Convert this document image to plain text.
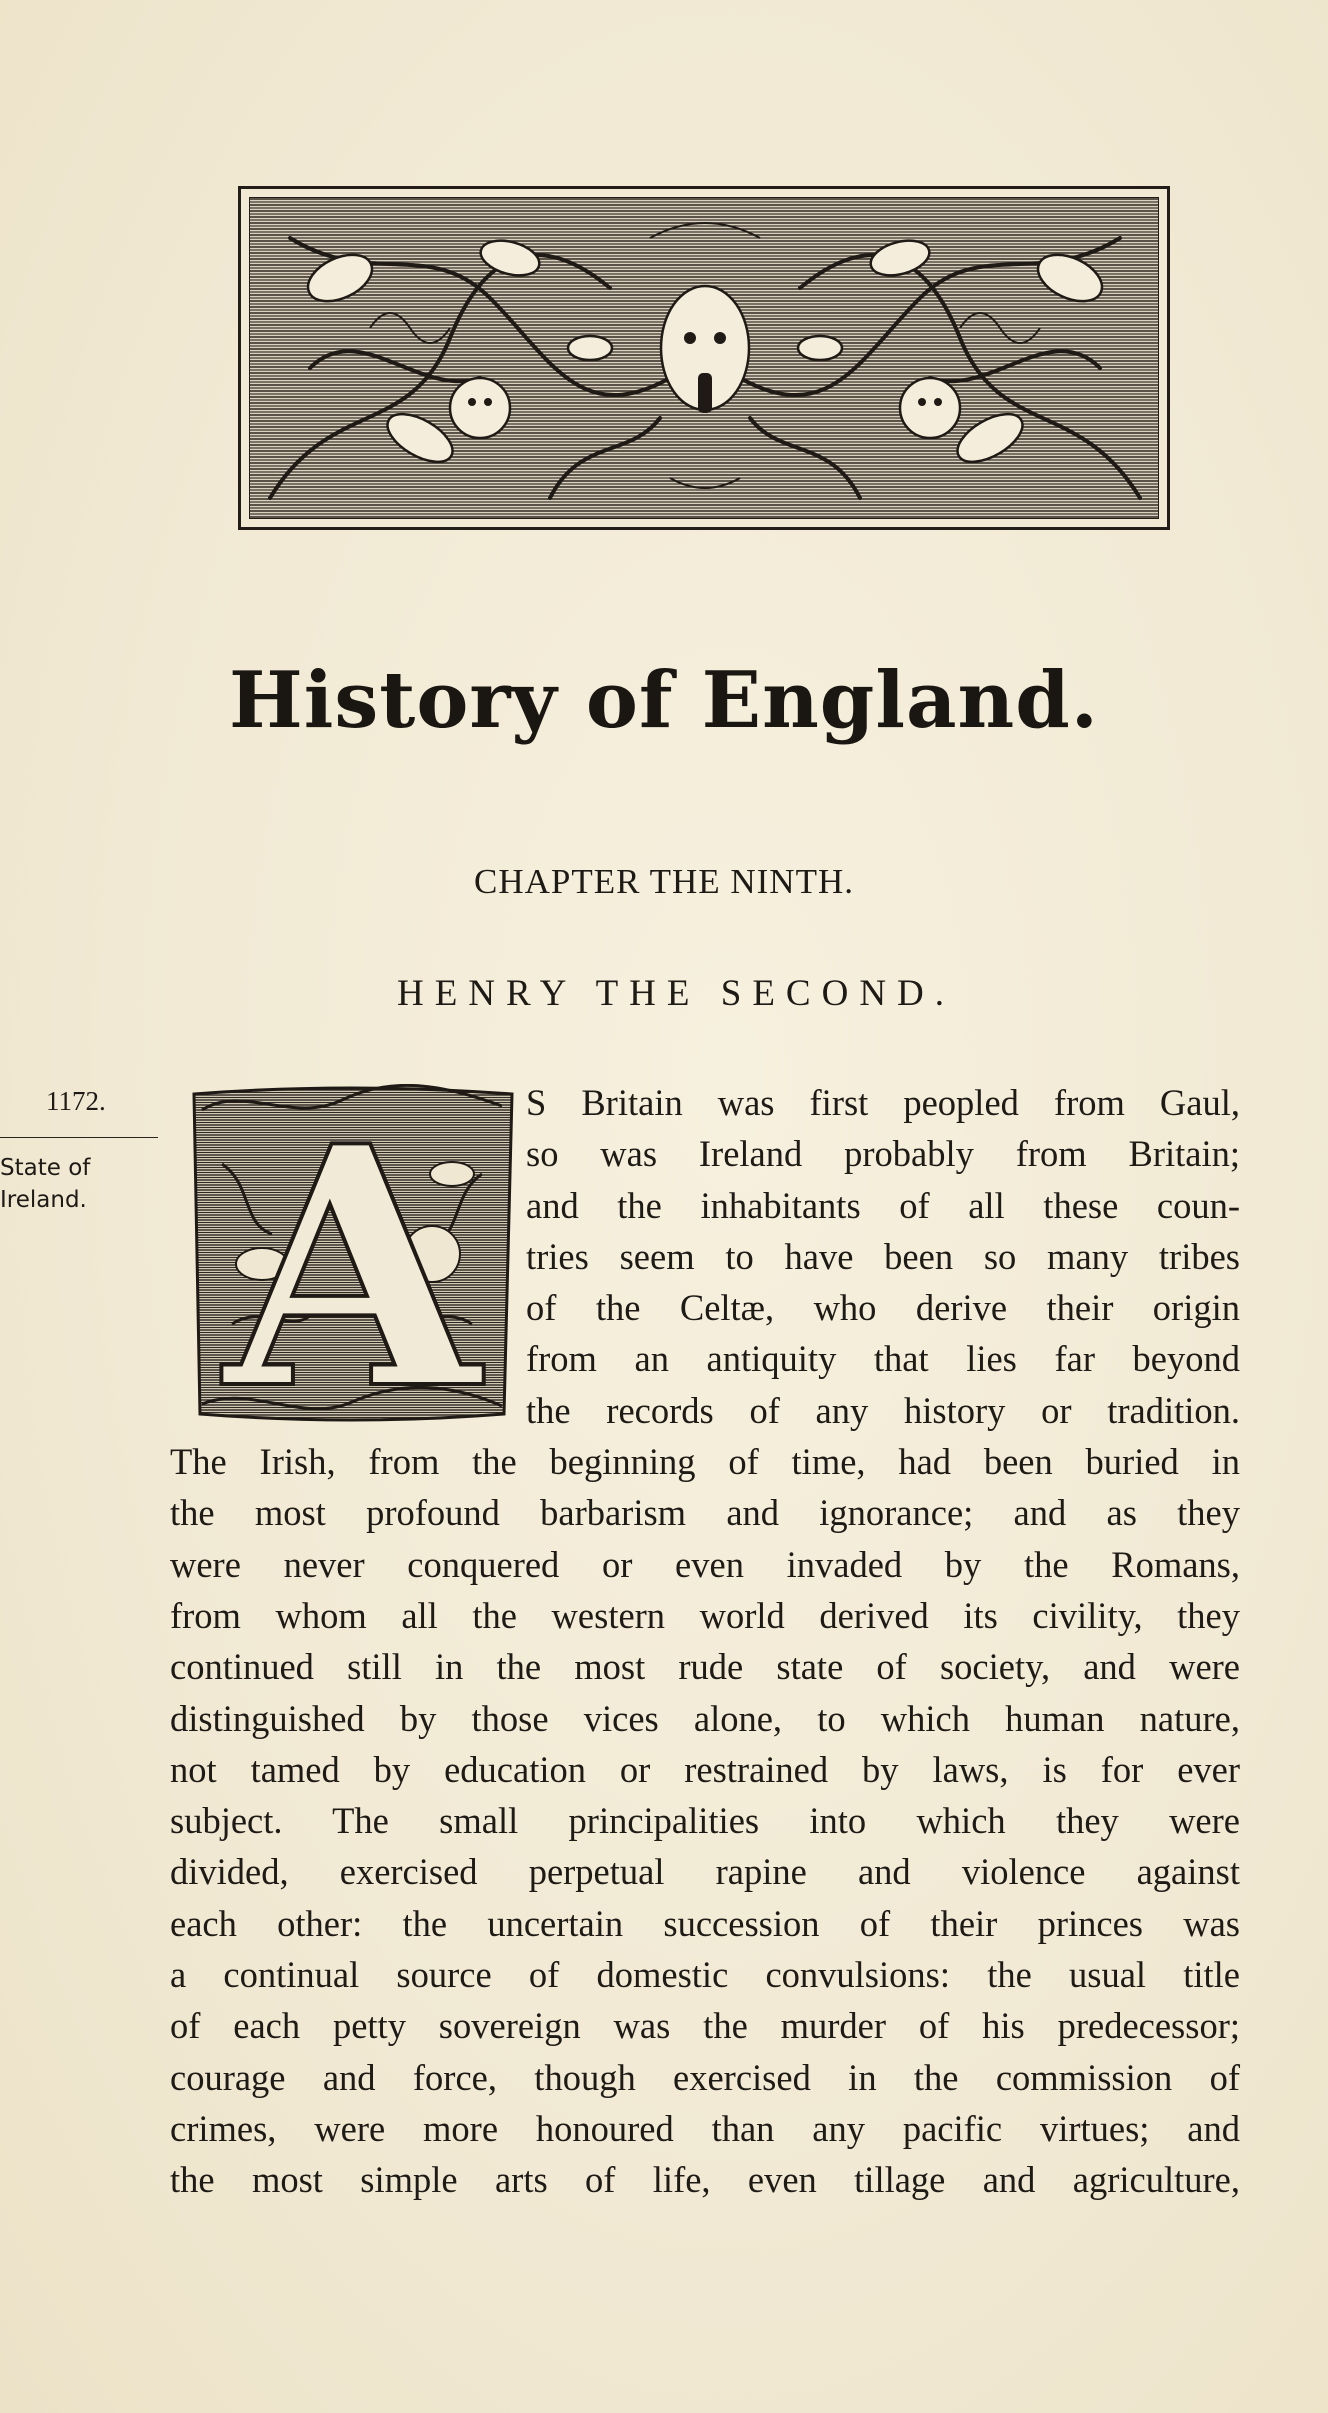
History of England.
CHAPTER THE NINTH.
HENRY THE SECOND.
1172.
State of
Ireland. A	S Britain was first peopled from Gaul,
so was Ireland probably from Britain;
and the inhabitants of all these coun-
tries seem to have been so many tribes
of the Celtæ, who derive their origin
from an antiquity that lies far beyond
the records of any history or tradition.
The Irish, from the beginning of time, had been buried in
the most profound barbarism and ignorance; and as they
were never conquered or even invaded by the Romans,
from whom all the western world derived its civility, they
continued still in the most rude state of society, and were
distinguished by those vices alone, to which human nature,
not tamed by education or restrained by laws, is for ever
subject. The small principalities into which they were
divided, exercised perpetual rapine and violence against
each other: the uncertain succession of their princes was
a continual source of domestic convulsions: the usual title
of each petty sovereign was the murder of his predecessor;
courage and force, though exercised in the commission of
crimes, were more honoured than any pacific virtues; and
the most simple arts of life, even tillage and agriculture,
